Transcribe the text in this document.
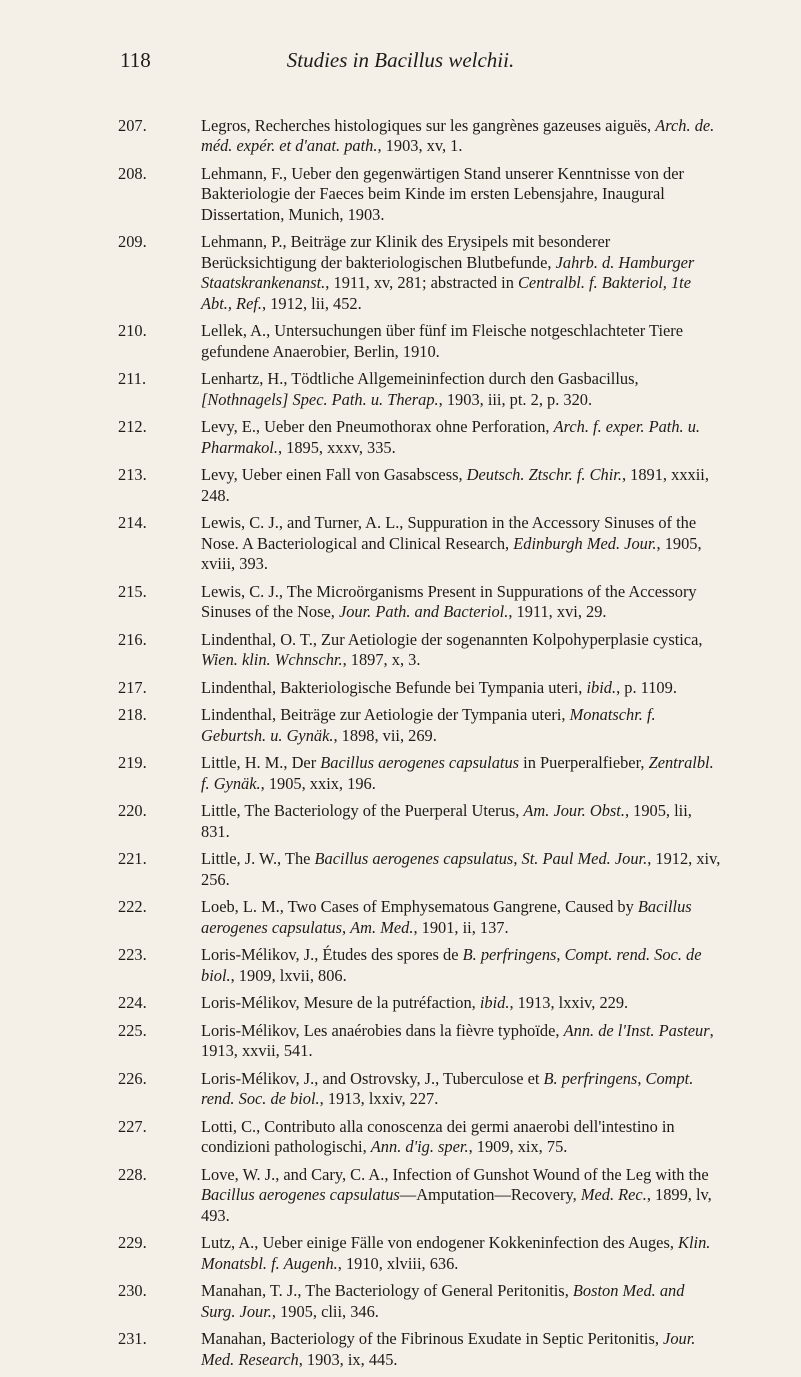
118	Studies in Bacillus welchii.
207.	Legros, Recherches histologiques sur les gangrènes gazeuses aiguës, Arch. de. méd. expér. et d'anat. path., 1903, xv, 1.
208.	Lehmann, F., Ueber den gegenwärtigen Stand unserer Kenntnisse von der Bakteriologie der Faeces beim Kinde im ersten Lebensjahre, Inaugural Dissertation, Munich, 1903.
209.	Lehmann, P., Beiträge zur Klinik des Erysipels mit besonderer Berücksichtigung der bakteriologischen Blutbefunde, Jahrb. d. Hamburger Staatskrankenanst., 1911, xv, 281; abstracted in Centralbl. f. Bakteriol, 1te Abt., Ref., 1912, lii, 452.
210.	Lellek, A., Untersuchungen über fünf im Fleische notgeschlachteter Tiere gefundene Anaerobier, Berlin, 1910.
211.	Lenhartz, H., Tödtliche Allgemeininfection durch den Gasbacillus, [Nothnagels] Spec. Path. u. Therap., 1903, iii, pt. 2, p. 320.
212.	Levy, E., Ueber den Pneumothorax ohne Perforation, Arch. f. exper. Path. u. Pharmakol., 1895, xxxv, 335.
213.	Levy, Ueber einen Fall von Gasabscess, Deutsch. Ztschr. f. Chir., 1891, xxxii, 248.
214.	Lewis, C. J., and Turner, A. L., Suppuration in the Accessory Sinuses of the Nose. A Bacteriological and Clinical Research, Edinburgh Med. Jour., 1905, xviii, 393.
215.	Lewis, C. J., The Microörganisms Present in Suppurations of the Accessory Sinuses of the Nose, Jour. Path. and Bacteriol., 1911, xvi, 29.
216.	Lindenthal, O. T., Zur Aetiologie der sogenannten Kolpohyperplasie cystica, Wien. klin. Wchnschr., 1897, x, 3.
217.	Lindenthal, Bakteriologische Befunde bei Tympania uteri, ibid., p. 1109.
218.	Lindenthal, Beiträge zur Aetiologie der Tympania uteri, Monatschr. f. Geburtsh. u. Gynäk., 1898, vii, 269.
219.	Little, H. M., Der Bacillus aerogenes capsulatus in Puerperalfieber, Zentralbl. f. Gynäk., 1905, xxix, 196.
220.	Little, The Bacteriology of the Puerperal Uterus, Am. Jour. Obst., 1905, lii, 831.
221.	Little, J. W., The Bacillus aerogenes capsulatus, St. Paul Med. Jour., 1912, xiv, 256.
222.	Loeb, L. M., Two Cases of Emphysematous Gangrene, Caused by Bacillus aerogenes capsulatus, Am. Med., 1901, ii, 137.
223.	Loris-Mélikov, J., Études des spores de B. perfringens, Compt. rend. Soc. de biol., 1909, lxvii, 806.
224.	Loris-Mélikov, Mesure de la putréfaction, ibid., 1913, lxxiv, 229.
225.	Loris-Mélikov, Les anaérobies dans la fièvre typhoïde, Ann. de l'Inst. Pasteur, 1913, xxvii, 541.
226.	Loris-Mélikov, J., and Ostrovsky, J., Tuberculose et B. perfringens, Compt. rend. Soc. de biol., 1913, lxxiv, 227.
227.	Lotti, C., Contributo alla conoscenza dei germi anaerobi dell'intestino in condizioni pathologischi, Ann. d'ig. sper., 1909, xix, 75.
228.	Love, W. J., and Cary, C. A., Infection of Gunshot Wound of the Leg with the Bacillus aerogenes capsulatus—Amputation—Recovery, Med. Rec., 1899, lv, 493.
229.	Lutz, A., Ueber einige Fälle von endogener Kokkeninfection des Auges, Klin. Monatsbl. f. Augenh., 1910, xlviii, 636.
230.	Manahan, T. J., The Bacteriology of General Peritonitis, Boston Med. and Surg. Jour., 1905, clii, 346.
231.	Manahan, Bacteriology of the Fibrinous Exudate in Septic Peritonitis, Jour. Med. Research, 1903, ix, 445.
